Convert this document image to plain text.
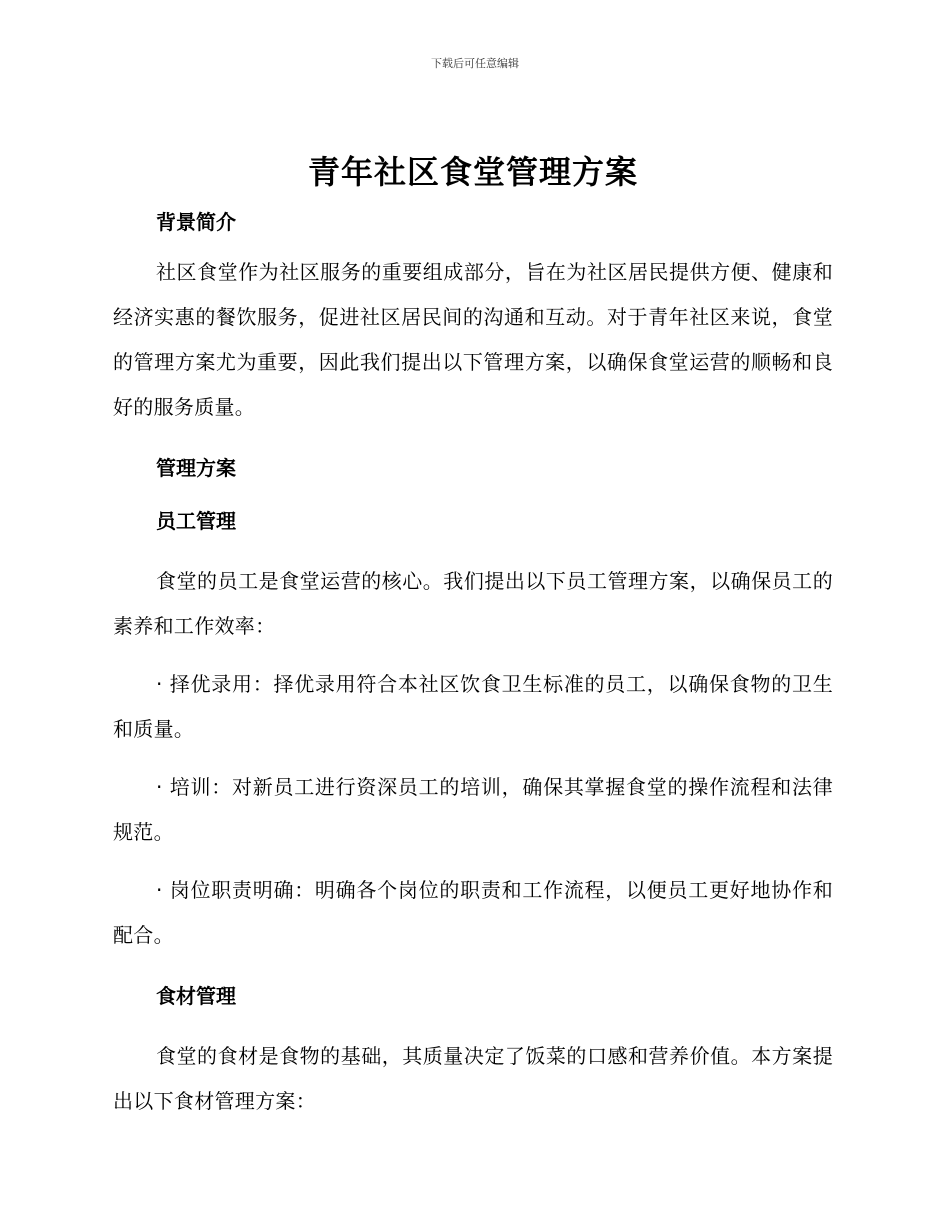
下载后可任意编辑
青年社区食堂管理方案
背景简介

社区食堂作为社区服务的重要组成部分，旨在为社区居民提供方便、健康和经济实惠的餐饮服务，促进社区居民间的沟通和互动。对于青年社区来说，食堂的管理方案尤为重要，因此我们提出以下管理方案，以确保食堂运营的顺畅和良好的服务质量。

管理方案
员工管理

食堂的员工是食堂运营的核心。我们提出以下员工管理方案，以确保员工的素养和工作效率：

· 择优录用：择优录用符合本社区饮食卫生标准的员工，以确保食物的卫生和质量。

· 培训：对新员工进行资深员工的培训，确保其掌握食堂的操作流程和法律规范。

· 岗位职责明确：明确各个岗位的职责和工作流程，以便员工更好地协作和配合。

食材管理

食堂的食材是食物的基础，其质量决定了饭菜的口感和营养价值。本方案提出以下食材管理方案：
